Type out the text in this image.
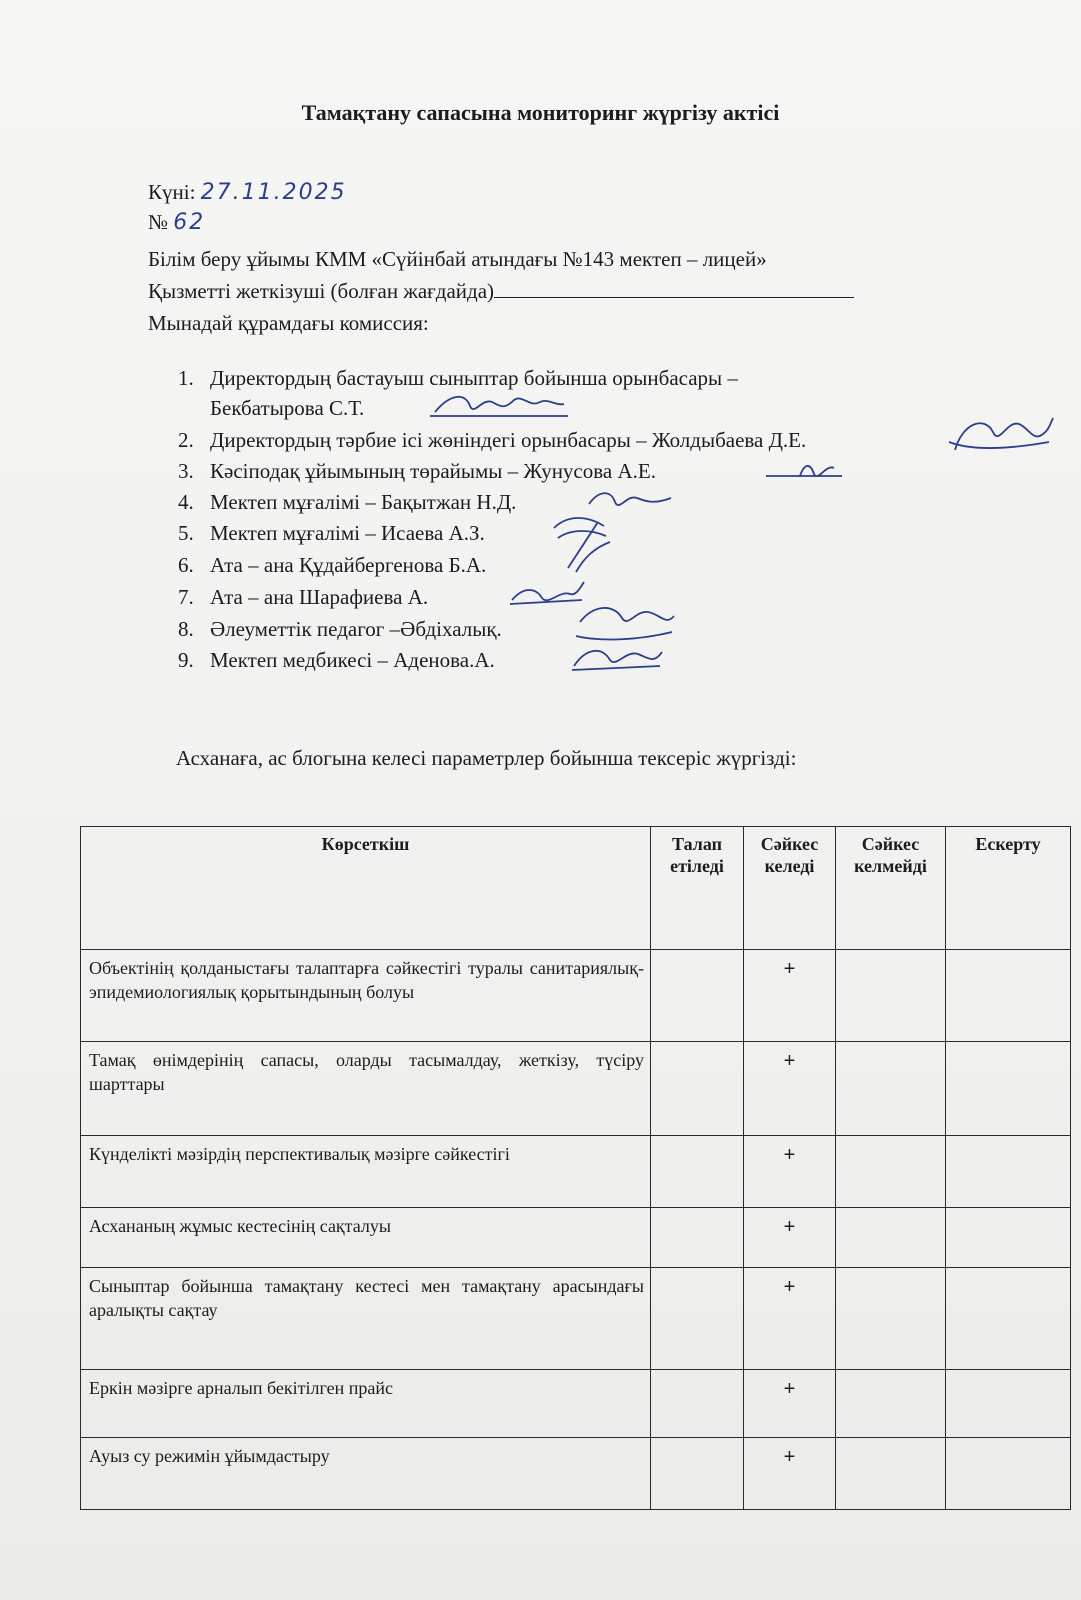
Тамақтану сапасына мониторинг жүргізу актісі
Күні: 27.11.2025
№ 62
Білім беру ұйымы КММ «Сүйінбай атындағы №143 мектеп – лицей»
Қызметті жеткізуші (болған жағдайда)
Мынадай құрамдағы комиссия:
1. Директордың бастауыш сыныптар бойынша орынбасары –
Бекбатырова С.Т.
2. Директордың тәрбие ісі жөніндегі орынбасары – Жолдыбаева Д.Е.
3. Кәсіподақ ұйымының төрайымы – Жунусова А.Е.
4. Мектеп мұғалімі – Бақытжан Н.Д.
5. Мектеп мұғалімі – Исаева А.З.
6. Ата – ана Құдайбергенова Б.А.
7. Ата – ана Шарафиева А.
8. Әлеуметтік педагог –Әбдіхалық.
9. Мектеп медбикесі – Аденова.А.
Асханаға, ас блогына келесі параметрлер бойынша тексеріс жүргізді:
Көрсеткіш	Талап етіледі	Сәйкес келеді	Сәйкес келмейді	Ескерту
Объектінің қолданыстағы талаптарға сәйкестігі туралы санитариялық-эпидемиологиялық қорытындының болуы		+		
Тамақ өнімдерінің сапасы, оларды тасымалдау, жеткізу, түсіру шарттары		+		
Күнделікті мәзірдің перспективалық мәзірге сәйкестігі		+		
Асхананың жұмыс кестесінің сақталуы		+		
Сыныптар бойынша тамақтану кестесі мен тамақтану арасындағы аралықты сақтау		+		
Еркін мәзірге арналып бекітілген прайс		+		
Ауыз су режимін ұйымдастыру		+		
